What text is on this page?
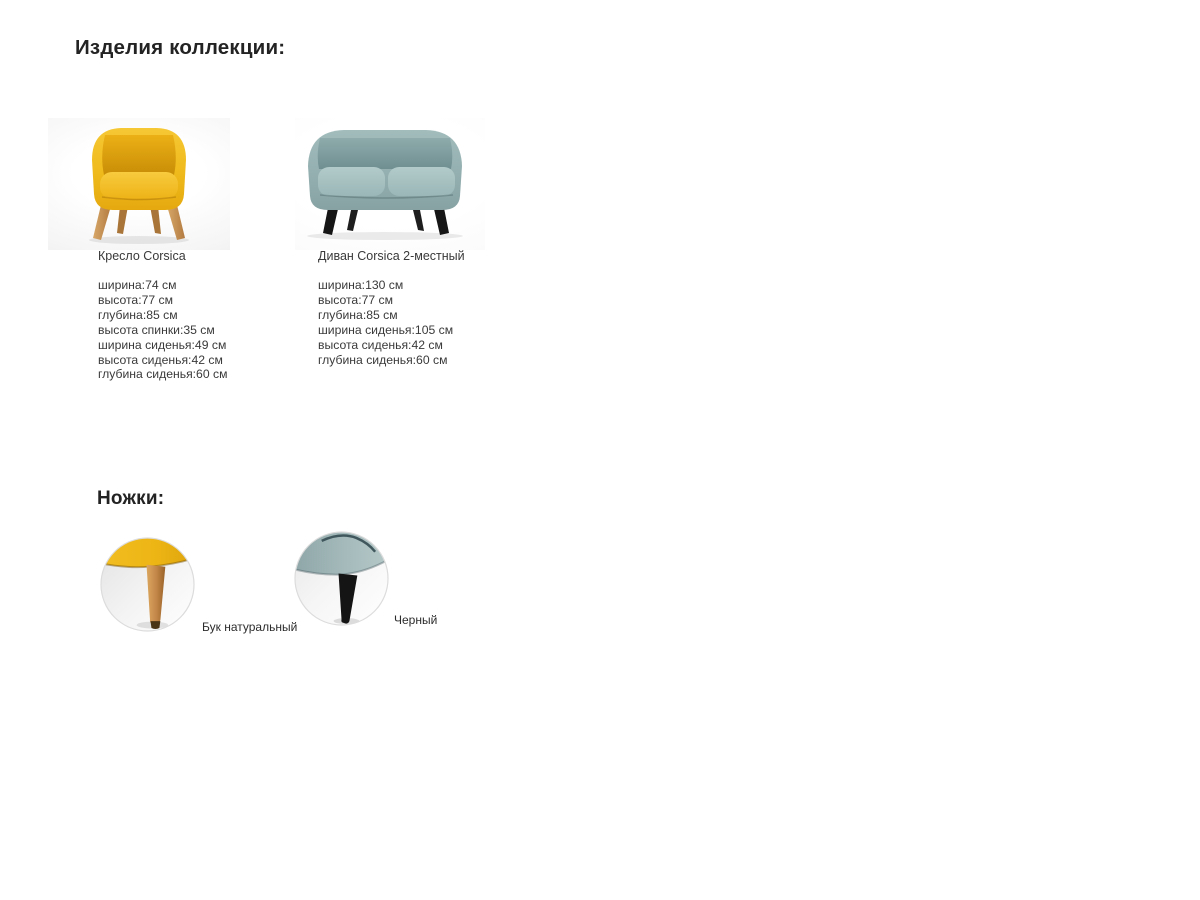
Изделия коллекции:
Кресло Corsica
ширина:74 см
высота:77 см
глубина:85 см
высота спинки:35 см
ширина сиденья:49 см
высота сиденья:42 см
глубина сиденья:60 см
Диван Corsica 2-местный
ширина:130 см
высота:77 см
глубина:85 см
ширина сиденья:105 см
высота сиденья:42 см
глубина сиденья:60 см
Ножки:
Бук натуральный	Черный
